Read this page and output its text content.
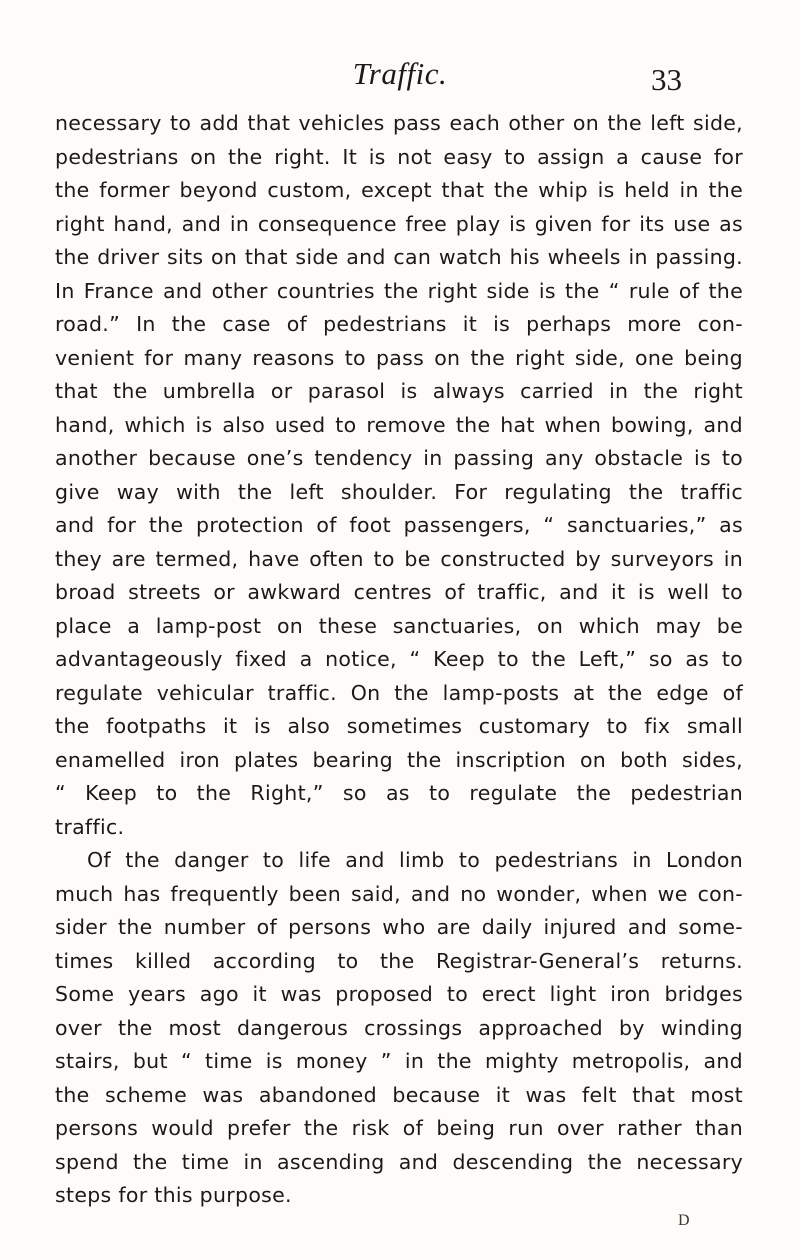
Traffic.	33
necessary to add that vehicles pass each other on the left side,
pedestrians on the right. It is not easy to assign a cause for
the former beyond custom, except that the whip is held in the
right hand, and in consequence free play is given for its use as
the driver sits on that side and can watch his wheels in passing.
In France and other countries the right side is the “ rule of the
road.” In the case of pedestrians it is perhaps more con-
venient for many reasons to pass on the right side, one being
that the umbrella or parasol is always carried in the right
hand, which is also used to remove the hat when bowing, and
another because one’s tendency in passing any obstacle is to
give way with the left shoulder. For regulating the traffic
and for the protection of foot passengers, “ sanctuaries,” as
they are termed, have often to be constructed by surveyors in
broad streets or awkward centres of traffic, and it is well to
place a lamp-post on these sanctuaries, on which may be
advantageously fixed a notice, “ Keep to the Left,” so as to
regulate vehicular traffic. On the lamp-posts at the edge of
the footpaths it is also sometimes customary to fix small
enamelled iron plates bearing the inscription on both sides,
“ Keep to the Right,” so as to regulate the pedestrian
traffic.
Of the danger to life and limb to pedestrians in London
much has frequently been said, and no wonder, when we con-
sider the number of persons who are daily injured and some-
times killed according to the Registrar-General’s returns.
Some years ago it was proposed to erect light iron bridges
over the most dangerous crossings approached by winding
stairs, but “ time is money ” in the mighty metropolis, and
the scheme was abandoned because it was felt that most
persons would prefer the risk of being run over rather than
spend the time in ascending and descending the necessary
steps for this purpose.
D
